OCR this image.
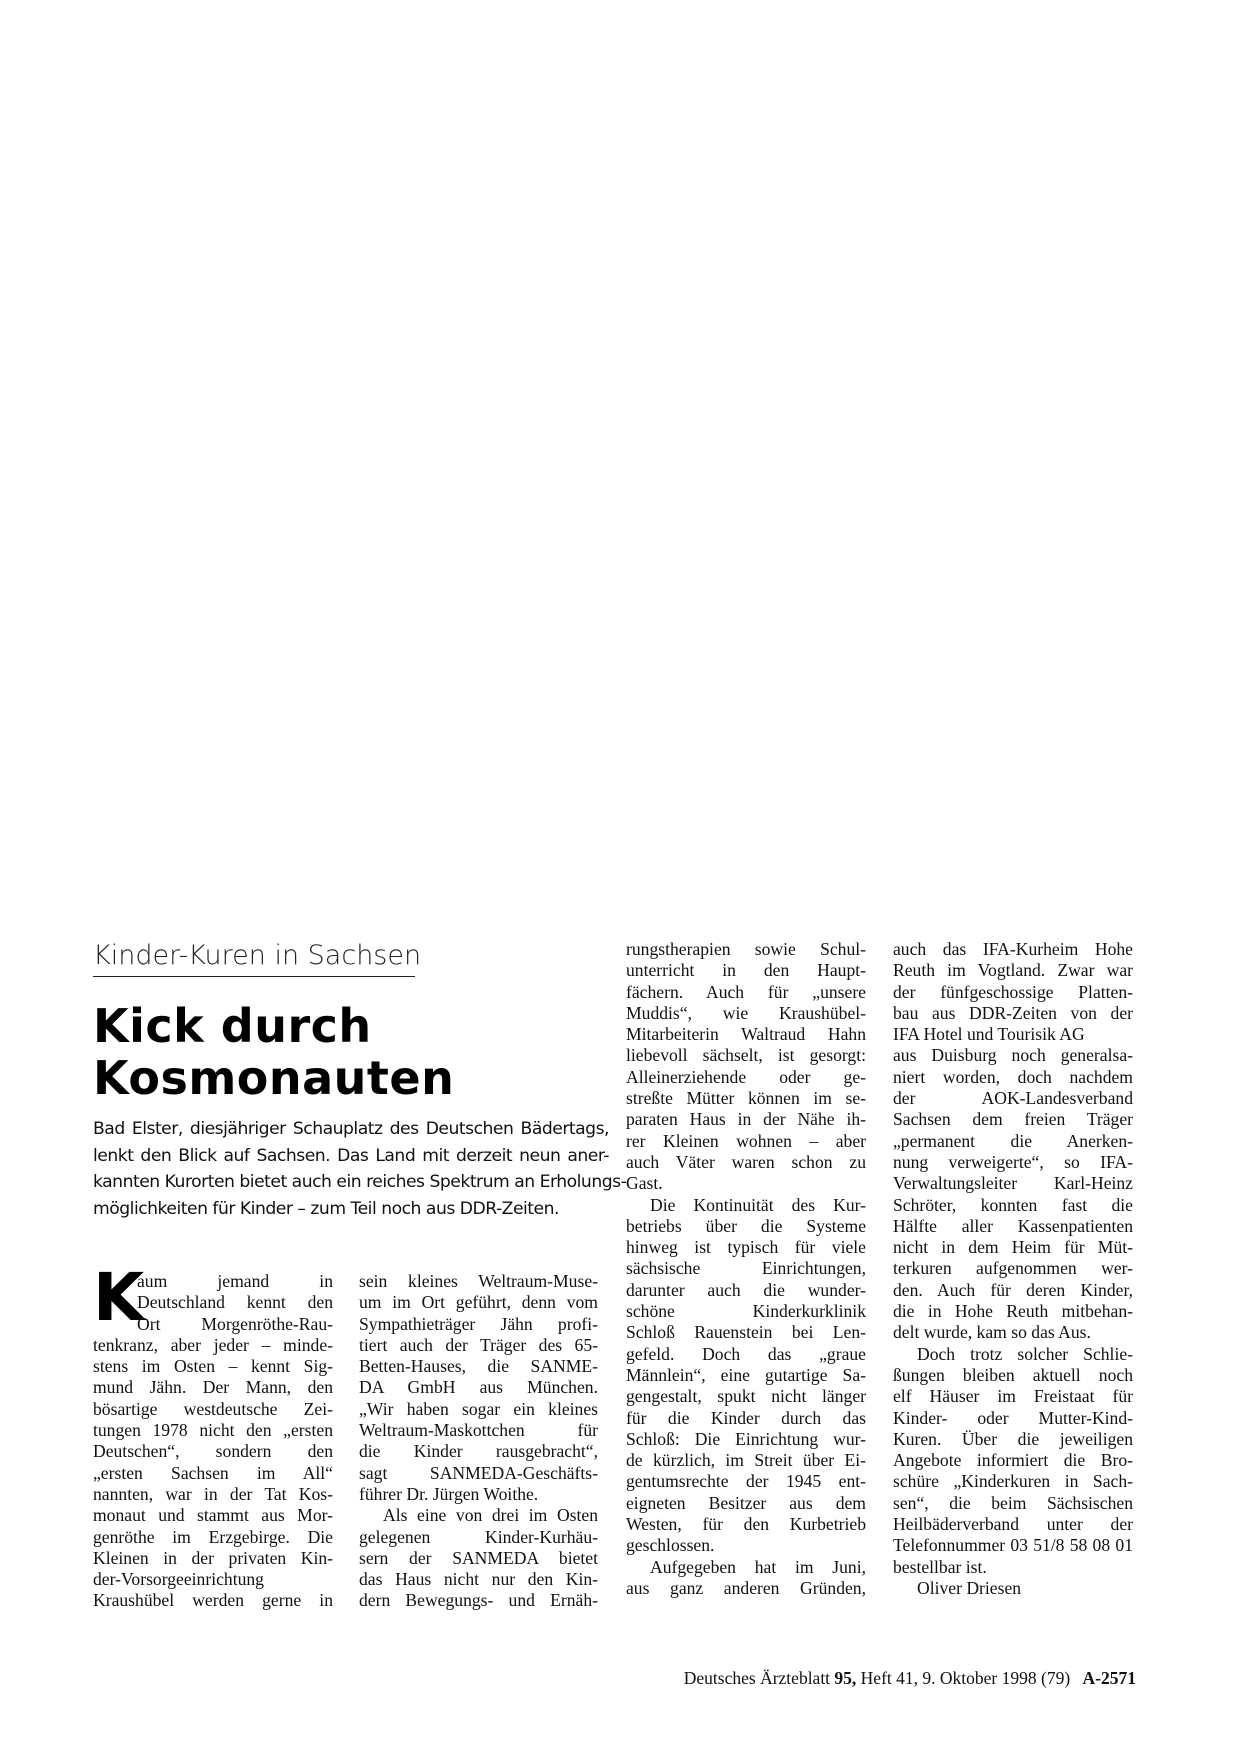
Kinder-Kuren in Sachsen
Kick durch
Kosmonauten
Bad Elster, diesjähriger Schauplatz des Deutschen Bädertags,
lenkt den Blick auf Sachsen. Das Land mit derzeit neun aner-
kannten Kurorten bietet auch ein reiches Spektrum an Erholungs-
möglichkeiten für Kinder – zum Teil noch aus DDR-Zeiten.
K
aum jemand in
Deutschland kennt den
Ort Morgenröthe-Rau-
tenkranz, aber jeder – minde-
stens im Osten – kennt Sig-
mund Jähn. Der Mann, den
bösartige westdeutsche Zei-
tungen 1978 nicht den „ersten
Deutschen“, sondern den
„ersten Sachsen im All“
nannten, war in der Tat Kos-
monaut und stammt aus Mor-
genröthe im Erzgebirge. Die
Kleinen in der privaten Kin-
der-Vorsorgeeinrichtung
Kraushübel werden gerne in
sein kleines Weltraum-Muse-
um im Ort geführt, denn vom
Sympathieträger Jähn profi-
tiert auch der Träger des 65-
Betten-Hauses, die SANME-
DA GmbH aus München.
„Wir haben sogar ein kleines
Weltraum-Maskottchen für
die Kinder rausgebracht“,
sagt SANMEDA-Geschäfts-
führer Dr. Jürgen Woithe.
Als eine von drei im Osten
gelegenen Kinder-Kurhäu-
sern der SANMEDA bietet
das Haus nicht nur den Kin-
dern Bewegungs- und Ernäh-
rungstherapien sowie Schul-
unterricht in den Haupt-
fächern. Auch für „unsere
Muddis“, wie Kraushübel-
Mitarbeiterin Waltraud Hahn
liebevoll sächselt, ist gesorgt:
Alleinerziehende oder ge-
streßte Mütter können im se-
paraten Haus in der Nähe ih-
rer Kleinen wohnen – aber
auch Väter waren schon zu
Gast.
Die Kontinuität des Kur-
betriebs über die Systeme
hinweg ist typisch für viele
sächsische Einrichtungen,
darunter auch die wunder-
schöne Kinderkurklinik
Schloß Rauenstein bei Len-
gefeld. Doch das „graue
Männlein“, eine gutartige Sa-
gengestalt, spukt nicht länger
für die Kinder durch das
Schloß: Die Einrichtung wur-
de kürzlich, im Streit über Ei-
gentumsrechte der 1945 ent-
eigneten Besitzer aus dem
Westen, für den Kurbetrieb
geschlossen.
Aufgegeben hat im Juni,
aus ganz anderen Gründen,
auch das IFA-Kurheim Hohe
Reuth im Vogtland. Zwar war
der fünfgeschossige Platten-
bau aus DDR-Zeiten von der
IFA Hotel und Tourisik AG
aus Duisburg noch generalsa-
niert worden, doch nachdem
der AOK-Landesverband
Sachsen dem freien Träger
„permanent die Anerken-
nung verweigerte“, so IFA-
Verwaltungsleiter Karl-Heinz
Schröter, konnten fast die
Hälfte aller Kassenpatienten
nicht in dem Heim für Müt-
terkuren aufgenommen wer-
den. Auch für deren Kinder,
die in Hohe Reuth mitbehan-
delt wurde, kam so das Aus.
Doch trotz solcher Schlie-
ßungen bleiben aktuell noch
elf Häuser im Freistaat für
Kinder- oder Mutter-Kind-
Kuren. Über die jeweiligen
Angebote informiert die Bro-
schüre „Kinderkuren in Sach-
sen“, die beim Sächsischen
Heilbäderverband unter der
Telefonnummer 03 51/8 58 08 01
bestellbar ist.
Oliver Driesen
Deutsches Ärzteblatt 95, Heft 41, 9. Oktober 1998 (79) A-2571
